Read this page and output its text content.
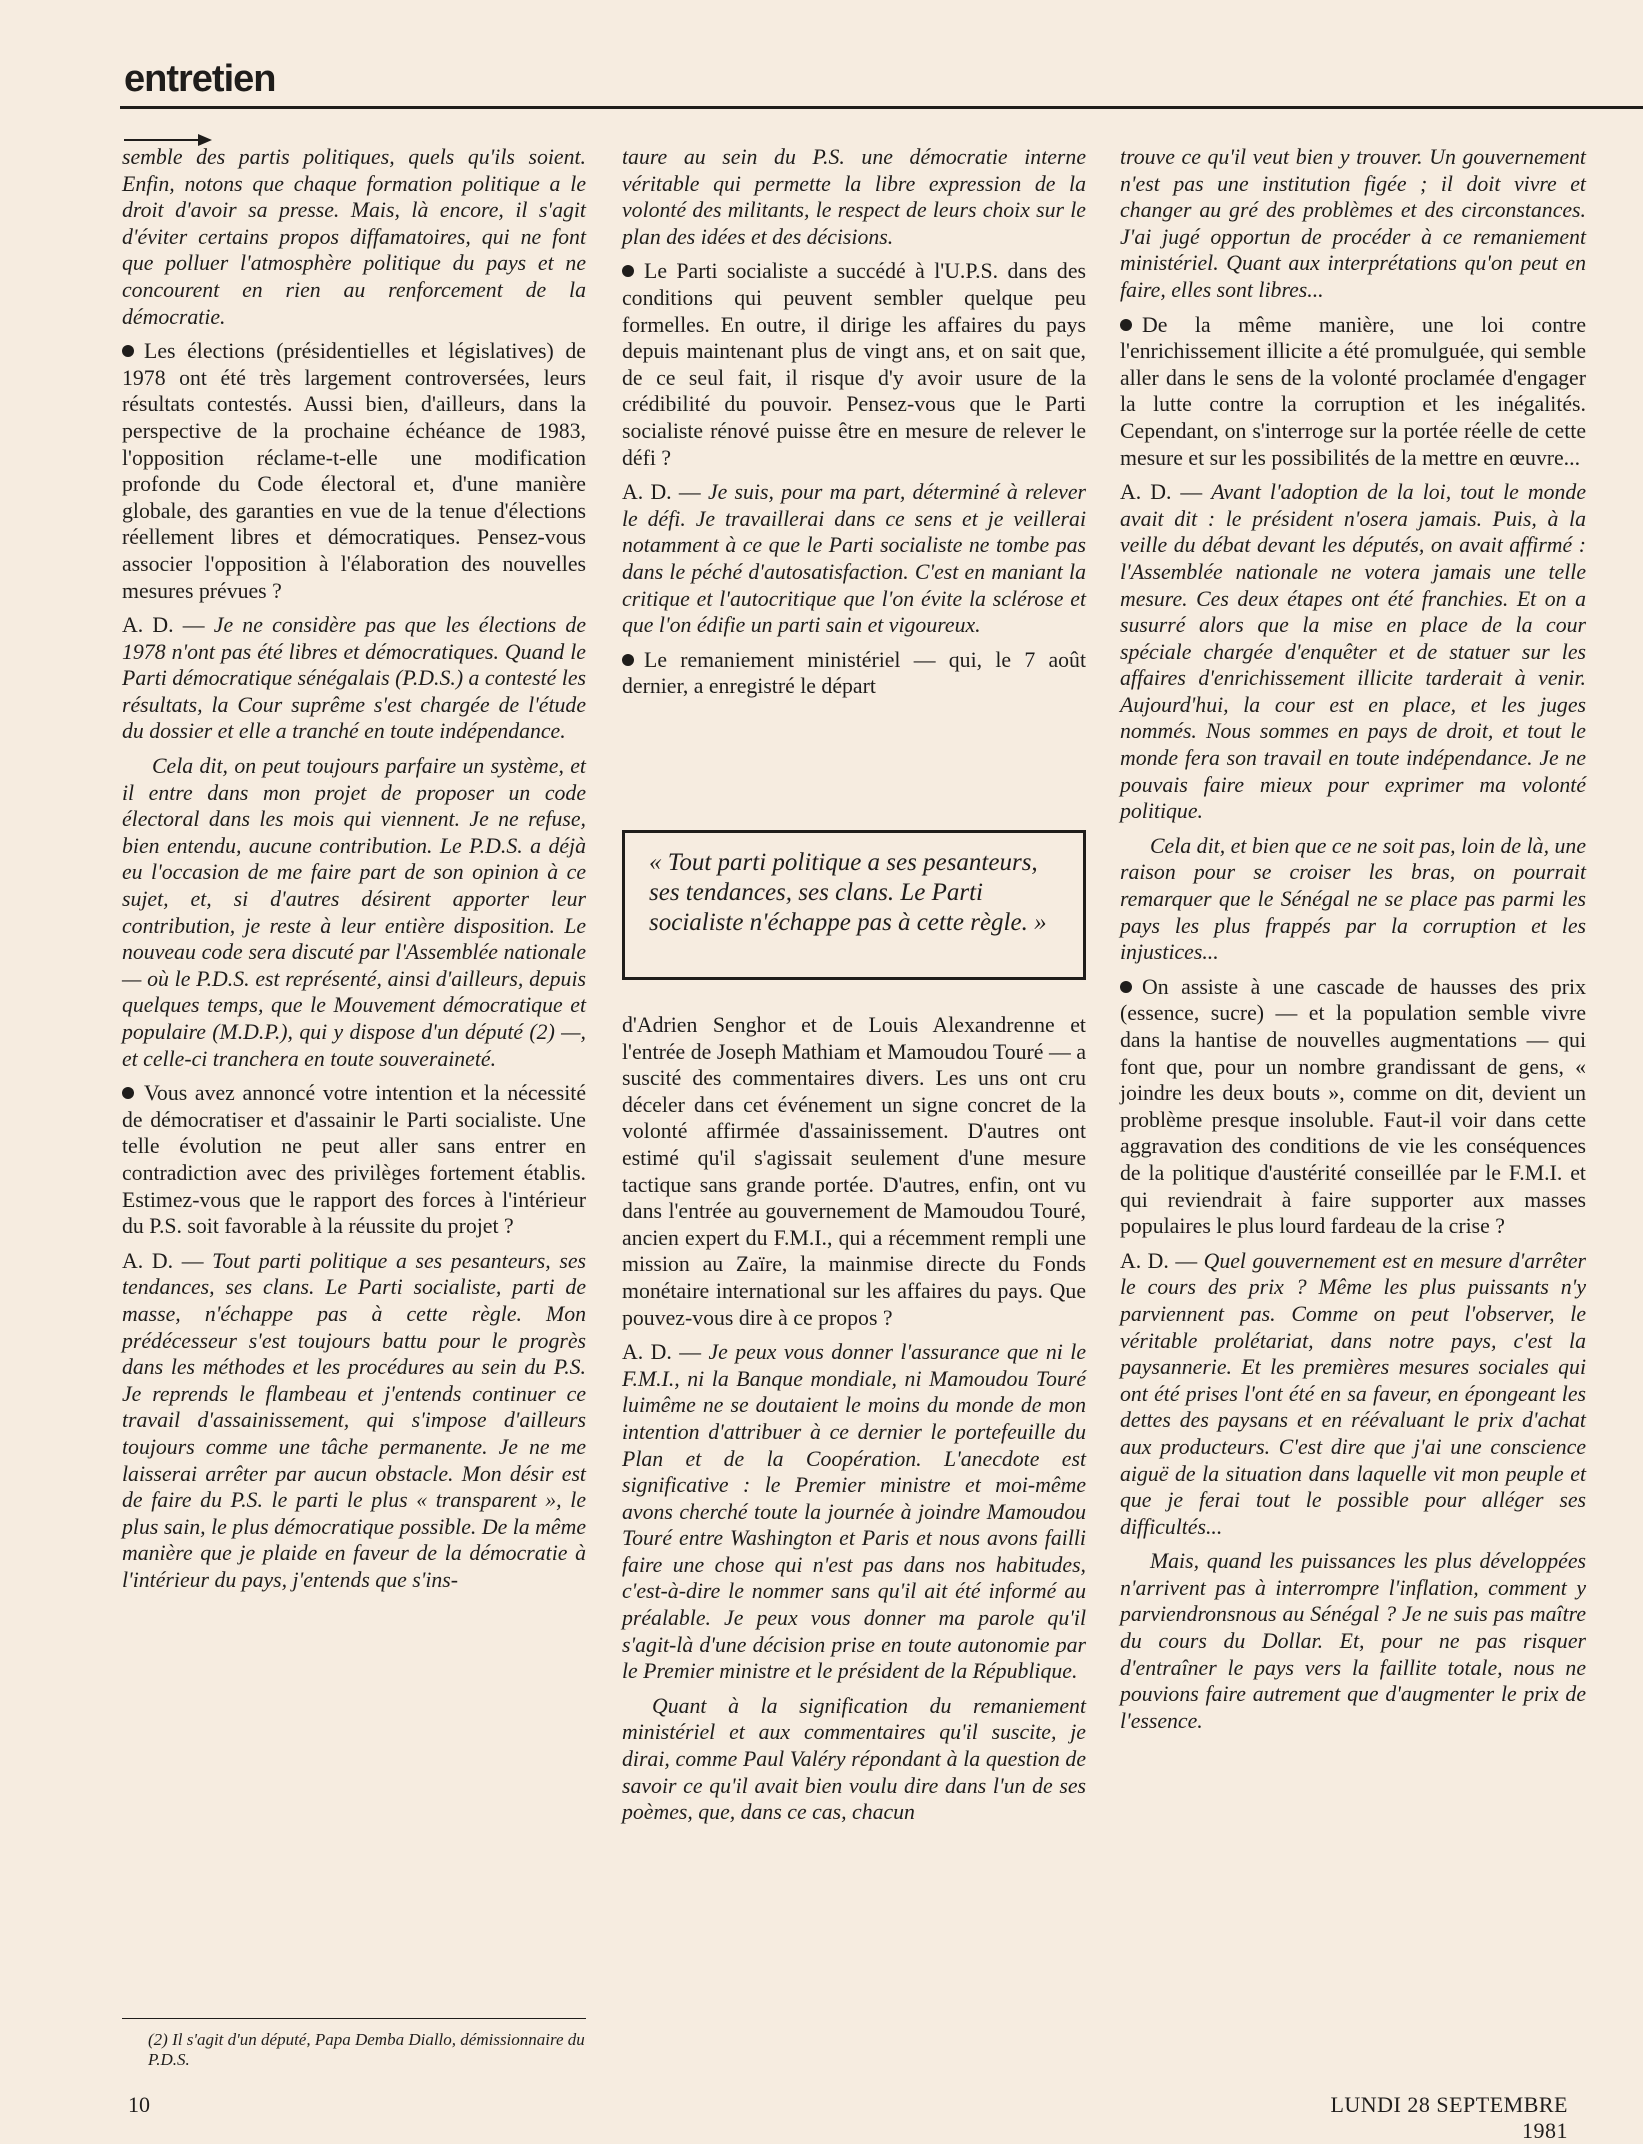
entretien

semble des partis politiques, quels qu'ils soient. Enfin, notons que chaque formation politique a le droit d'avoir sa presse. Mais, là encore, il s'agit d'éviter certains propos diffamatoires, qui ne font que polluer l'atmosphère politique du pays et ne concourent en rien au renforcement de la démocratie.

Les élections (présidentielles et législatives) de 1978 ont été très largement controversées, leurs résultats contestés. Aussi bien, d'ailleurs, dans la perspective de la prochaine échéance de 1983, l'opposition réclame-t-elle une modification profonde du Code électoral et, d'une manière globale, des garanties en vue de la tenue d'élections réellement libres et démocratiques. Pensez-vous associer l'opposition à l'élaboration des nouvelles mesures prévues ?

A. D. — Je ne considère pas que les élections de 1978 n'ont pas été libres et démocratiques. Quand le Parti démocratique sénégalais (P.D.S.) a contesté les résultats, la Cour suprême s'est chargée de l'étude du dossier et elle a tranché en toute indépendance.

Cela dit, on peut toujours parfaire un système, et il entre dans mon projet de proposer un code électoral dans les mois qui viennent. Je ne refuse, bien entendu, aucune contribution. Le P.D.S. a déjà eu l'occasion de me faire part de son opinion à ce sujet, et, si d'autres désirent apporter leur contribution, je reste à leur entière disposition. Le nouveau code sera discuté par l'Assemblée nationale — où le P.D.S. est représenté, ainsi d'ailleurs, depuis quelques temps, que le Mouvement démocratique et populaire (M.D.P.), qui y dispose d'un député (2) —, et celle-ci tranchera en toute souveraineté.

Vous avez annoncé votre intention et la nécessité de démocratiser et d'assainir le Parti socialiste. Une telle évolution ne peut aller sans entrer en contradiction avec des privilèges fortement établis. Estimez-vous que le rapport des forces à l'intérieur du P.S. soit favorable à la réussite du projet ?

A. D. — Tout parti politique a ses pesanteurs, ses tendances, ses clans. Le Parti socialiste, parti de masse, n'échappe pas à cette règle. Mon prédécesseur s'est toujours battu pour le progrès dans les méthodes et les procédures au sein du P.S. Je reprends le flambeau et j'entends continuer ce travail d'assainissement, qui s'impose d'ailleurs toujours comme une tâche permanente. Je ne me laisserai arrêter par aucun obstacle. Mon désir est de faire du P.S. le parti le plus « transparent », le plus sain, le plus démocratique possible. De la même manière que je plaide en faveur de la démocratie à l'intérieur du pays, j'entends que s'ins-

(2) Il s'agit d'un député, Papa Demba Diallo, démissionnaire du P.D.S.

taure au sein du P.S. une démocratie interne véritable qui permette la libre expression de la volonté des militants, le respect de leurs choix sur le plan des idées et des décisions.

Le Parti socialiste a succédé à l'U.P.S. dans des conditions qui peuvent sembler quelque peu formelles. En outre, il dirige les affaires du pays depuis maintenant plus de vingt ans, et on sait que, de ce seul fait, il risque d'y avoir usure de la crédibilité du pouvoir. Pensez-vous que le Parti socialiste rénové puisse être en mesure de relever le défi ?

A. D. — Je suis, pour ma part, déterminé à relever le défi. Je travaillerai dans ce sens et je veillerai notamment à ce que le Parti socialiste ne tombe pas dans le péché d'autosatisfaction. C'est en maniant la critique et l'autocritique que l'on évite la sclérose et que l'on édifie un parti sain et vigoureux.

Le remaniement ministériel — qui, le 7 août dernier, a enregistré le départ

« Tout parti politique a ses pesanteurs, ses tendances, ses clans. Le Parti socialiste n'échappe pas à cette règle. »

d'Adrien Senghor et de Louis Alexandrenne et l'entrée de Joseph Mathiam et Mamoudou Touré — a suscité des commentaires divers. Les uns ont cru déceler dans cet événement un signe concret de la volonté affirmée d'assainissement. D'autres ont estimé qu'il s'agissait seulement d'une mesure tactique sans grande portée. D'autres, enfin, ont vu dans l'entrée au gouvernement de Mamoudou Touré, ancien expert du F.M.I., qui a récemment rempli une mission au Zaïre, la mainmise directe du Fonds monétaire international sur les affaires du pays. Que pouvez-vous dire à ce propos ?

A. D. — Je peux vous donner l'assurance que ni le F.M.I., ni la Banque mondiale, ni Mamoudou Touré luimême ne se doutaient le moins du monde de mon intention d'attribuer à ce dernier le portefeuille du Plan et de la Coopération. L'anecdote est significative : le Premier ministre et moi-même avons cherché toute la journée à joindre Mamoudou Touré entre Washington et Paris et nous avons failli faire une chose qui n'est pas dans nos habitudes, c'est-à-dire le nommer sans qu'il ait été informé au préalable. Je peux vous donner ma parole qu'il s'agit-là d'une décision prise en toute autonomie par le Premier ministre et le président de la République.

Quant à la signification du remaniement ministériel et aux commentaires qu'il suscite, je dirai, comme Paul Valéry répondant à la question de savoir ce qu'il avait bien voulu dire dans l'un de ses poèmes, que, dans ce cas, chacun

trouve ce qu'il veut bien y trouver. Un gouvernement n'est pas une institution figée ; il doit vivre et changer au gré des problèmes et des circonstances. J'ai jugé opportun de procéder à ce remaniement ministériel. Quant aux interprétations qu'on peut en faire, elles sont libres...

De la même manière, une loi contre l'enrichissement illicite a été promulguée, qui semble aller dans le sens de la volonté proclamée d'engager la lutte contre la corruption et les inégalités. Cependant, on s'interroge sur la portée réelle de cette mesure et sur les possibilités de la mettre en œuvre...

A. D. — Avant l'adoption de la loi, tout le monde avait dit : le président n'osera jamais. Puis, à la veille du débat devant les députés, on avait affirmé : l'Assemblée nationale ne votera jamais une telle mesure. Ces deux étapes ont été franchies. Et on a susurré alors que la mise en place de la cour spéciale chargée d'enquêter et de statuer sur les affaires d'enrichissement illicite tarderait à venir. Aujourd'hui, la cour est en place, et les juges nommés. Nous sommes en pays de droit, et tout le monde fera son travail en toute indépendance. Je ne pouvais faire mieux pour exprimer ma volonté politique.

Cela dit, et bien que ce ne soit pas, loin de là, une raison pour se croiser les bras, on pourrait remarquer que le Sénégal ne se place pas parmi les pays les plus frappés par la corruption et les injustices...

On assiste à une cascade de hausses des prix (essence, sucre) — et la population semble vivre dans la hantise de nouvelles augmentations — qui font que, pour un nombre grandissant de gens, « joindre les deux bouts », comme on dit, devient un problème presque insoluble. Faut-il voir dans cette aggravation des conditions de vie les conséquences de la politique d'austérité conseillée par le F.M.I. et qui reviendrait à faire supporter aux masses populaires le plus lourd fardeau de la crise ?

A. D. — Quel gouvernement est en mesure d'arrêter le cours des prix ? Même les plus puissants n'y parviennent pas. Comme on peut l'observer, le véritable prolétariat, dans notre pays, c'est la paysannerie. Et les premières mesures sociales qui ont été prises l'ont été en sa faveur, en épongeant les dettes des paysans et en réévaluant le prix d'achat aux producteurs. C'est dire que j'ai une conscience aiguë de la situation dans laquelle vit mon peuple et que je ferai tout le possible pour alléger ses difficultés...

Mais, quand les puissances les plus développées n'arrivent pas à interrompre l'inflation, comment y parviendronsnous au Sénégal ? Je ne suis pas maître du cours du Dollar. Et, pour ne pas risquer d'entraîner le pays vers la faillite totale, nous ne pouvions faire autrement que d'augmenter le prix de l'essence.

10	LUNDI 28 SEPTEMBRE 1981
